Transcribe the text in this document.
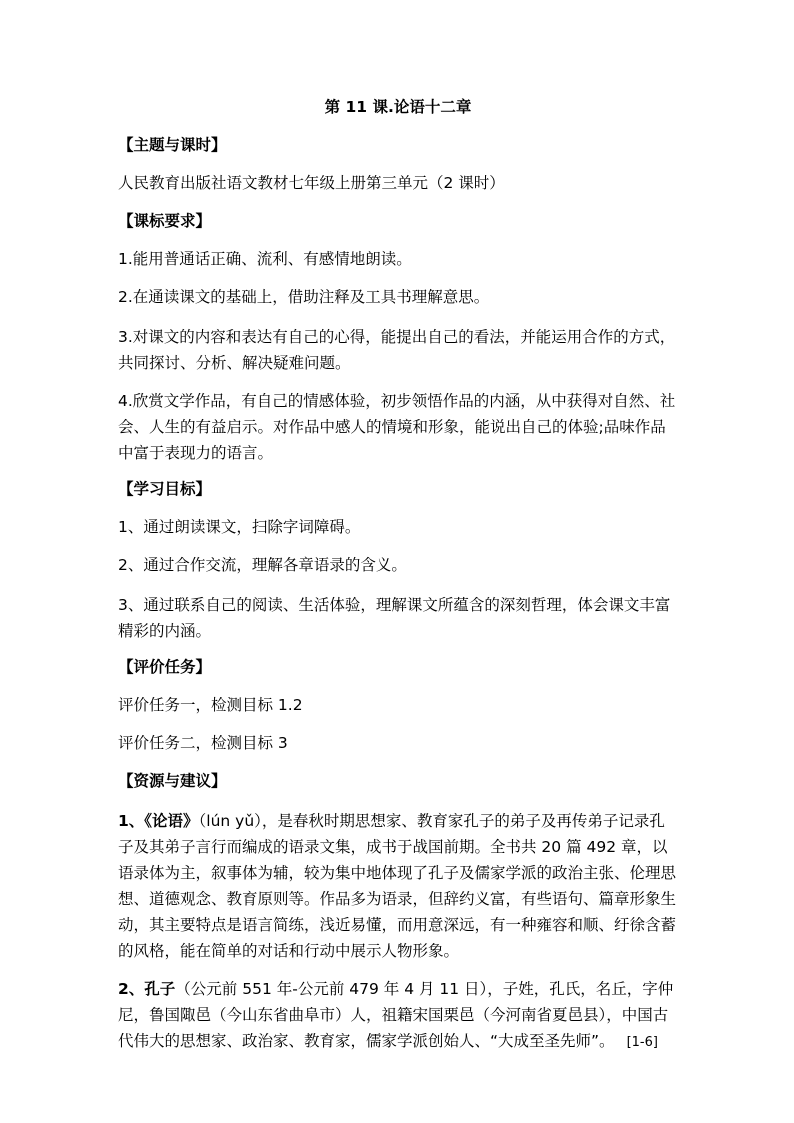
第 11 课.论语十二章
【主题与课时】
人民教育出版社语文教材七年级上册第三单元（2 课时）
【课标要求】
1.能用普通话正确、流利、有感情地朗读。
2.在通读课文的基础上，借助注释及工具书理解意思。
3.对课文的内容和表达有自己的心得，能提出自己的看法，并能运用合作的方式，共同探讨、分析、解决疑难问题。
4.欣赏文学作品，有自己的情感体验，初步领悟作品的内涵，从中获得对自然、社会、人生的有益启示。对作品中感人的情境和形象，能说出自己的体验;品味作品中富于表现力的语言。
【学习目标】
1、通过朗读课文，扫除字词障碍。
2、通过合作交流，理解各章语录的含义。
3、通过联系自己的阅读、生活体验，理解课文所蕴含的深刻哲理，体会课文丰富精彩的内涵。
【评价任务】
评价任务一，检测目标 1.2
评价任务二，检测目标 3
【资源与建议】
1、《论语》（lún yǔ），是春秋时期思想家、教育家孔子的弟子及再传弟子记录孔子及其弟子言行而编成的语录文集，成书于战国前期。全书共 20 篇 492 章，以语录体为主，叙事体为辅，较为集中地体现了孔子及儒家学派的政治主张、伦理思想、道德观念、教育原则等。作品多为语录，但辞约义富，有些语句、篇章形象生动，其主要特点是语言简练，浅近易懂，而用意深远，有一种雍容和顺、纡徐含蓄的风格，能在简单的对话和行动中展示人物形象。
2、孔子（公元前 551 年-公元前 479 年 4 月 11 日），子姓，孔氏，名丘，字仲尼，鲁国陬邑（今山东省曲阜市）人，祖籍宋国栗邑（今河南省夏邑县），中国古代伟大的思想家、政治家、教育家，儒家学派创始人、“大成至圣先师”。 [1-6]
